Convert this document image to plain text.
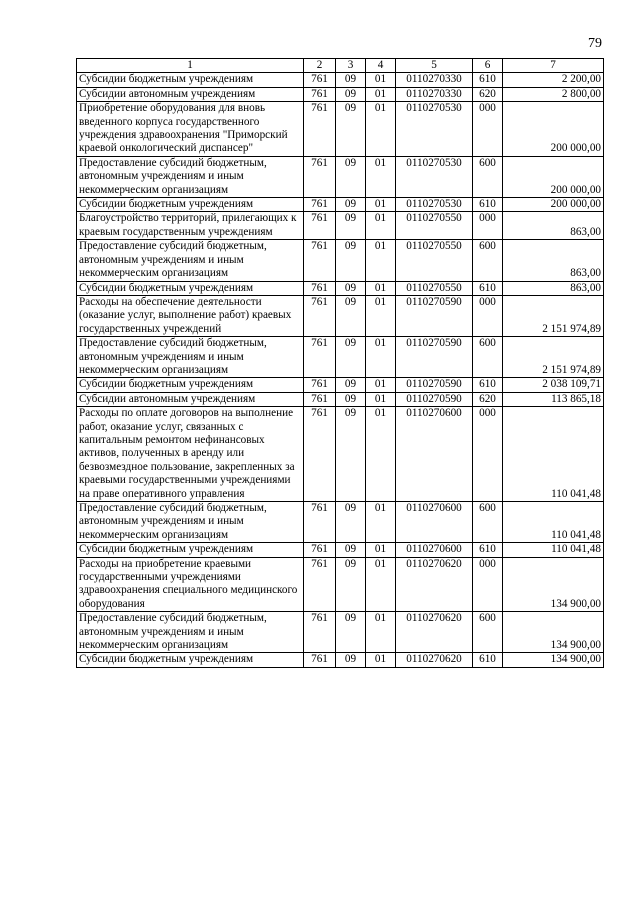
79
1	2	3	4	5	6	7
Субсидии бюджетным учреждениям	761	09	01	0110270330	610	2 200,00
Субсидии автономным учреждениям	761	09	01	0110270330	620	2 800,00
Приобретение оборудования для вновь введенного корпуса государственного учреждения здравоохранения "Приморский краевой онкологический диспансер"	761	09	01	0110270530	000	200 000,00
Предоставление субсидий бюджетным, автономным учреждениям и иным некоммерческим организациям	761	09	01	0110270530	600	200 000,00
Субсидии бюджетным учреждениям	761	09	01	0110270530	610	200 000,00
Благоустройство территорий, прилегающих к краевым государственным учреждениям	761	09	01	0110270550	000	863,00
Предоставление субсидий бюджетным, автономным учреждениям и иным некоммерческим организациям	761	09	01	0110270550	600	863,00
Субсидии бюджетным учреждениям	761	09	01	0110270550	610	863,00
Расходы на обеспечение деятельности (оказание услуг, выполнение работ) краевых государственных учреждений	761	09	01	0110270590	000	2 151 974,89
Предоставление субсидий бюджетным, автономным учреждениям и иным некоммерческим организациям	761	09	01	0110270590	600	2 151 974,89
Субсидии бюджетным учреждениям	761	09	01	0110270590	610	2 038 109,71
Субсидии автономным учреждениям	761	09	01	0110270590	620	113 865,18
Расходы по оплате договоров на выполнение работ, оказание услуг, связанных с капитальным ремонтом нефинансовых активов, полученных в аренду или безвозмездное пользование, закрепленных за краевыми государственными учреждениями на праве оперативного управления	761	09	01	0110270600	000	110 041,48
Предоставление субсидий бюджетным, автономным учреждениям и иным некоммерческим организациям	761	09	01	0110270600	600	110 041,48
Субсидии бюджетным учреждениям	761	09	01	0110270600	610	110 041,48
Расходы на приобретение краевыми государственными учреждениями здравоохранения специального медицинского оборудования	761	09	01	0110270620	000	134 900,00
Предоставление субсидий бюджетным, автономным учреждениям и иным некоммерческим организациям	761	09	01	0110270620	600	134 900,00
Субсидии бюджетным учреждениям	761	09	01	0110270620	610	134 900,00
